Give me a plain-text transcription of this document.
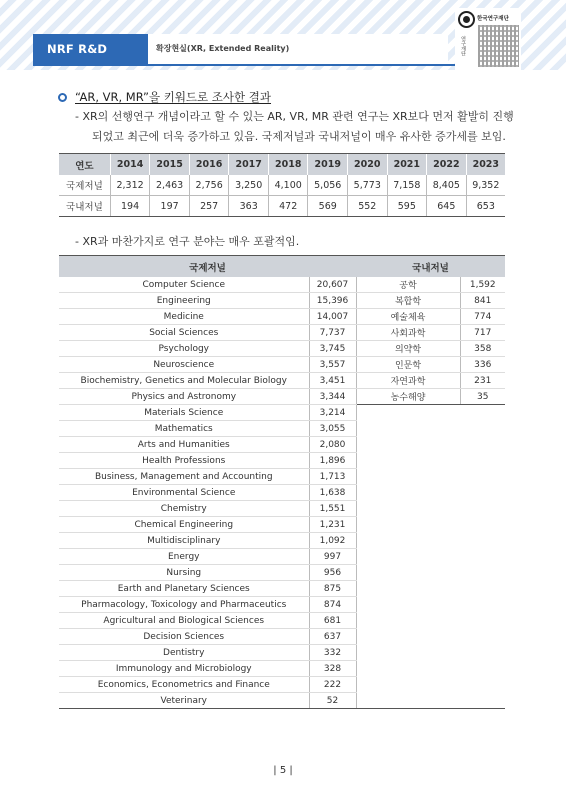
NRF R&D BRIEF
확장현실(XR, Extended Reality)
한국연구재단
연구재단
“AR, VR, MR”을 키워드로 조사한 결과
- XR의 선행연구 개념이라고 할 수 있는 AR, VR, MR 관련 연구는 XR보다 먼저 활발히 진행
되었고 최근에 더욱 증가하고 있음. 국제저널과 국내저널이 매우 유사한 증가세를 보임.
연도	2014	2015	2016	2017	2018	2019	2020	2021	2022	2023
국제저널	2,312	2,463	2,756	3,250	4,100	5,056	5,773	7,158	8,405	9,352
국내저널	194	197	257	363	472	569	552	595	645	653
- XR과 마찬가지로 연구 분야는 매우 포괄적임.
국제저널		국내저널	
Computer Science	20,607	공학	1,592
Engineering	15,396	복합학	841
Medicine	14,007	예술체육	774
Social Sciences	7,737	사회과학	717
Psychology	3,745	의약학	358
Neuroscience	3,557	인문학	336
Biochemistry, Genetics and Molecular Biology	3,451	자연과학	231
Physics and Astronomy	3,344	농수해양	35
Materials Science	3,214		
Mathematics	3,055		
Arts and Humanities	2,080		
Health Professions	1,896		
Business, Management and Accounting	1,713		
Environmental Science	1,638		
Chemistry	1,551		
Chemical Engineering	1,231		
Multidisciplinary	1,092		
Energy	997		
Nursing	956		
Earth and Planetary Sciences	875		
Pharmacology, Toxicology and Pharmaceutics	874		
Agricultural and Biological Sciences	681		
Decision Sciences	637		
Dentistry	332		
Immunology and Microbiology	328		
Economics, Econometrics and Finance	222		
Veterinary	52		
| 5 |
